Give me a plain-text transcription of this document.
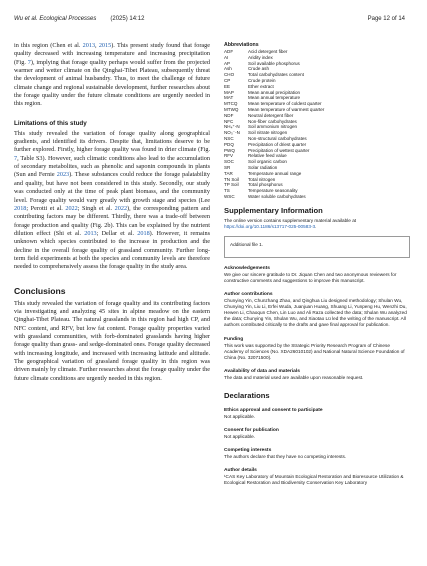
Wu et al. Ecological Processes (2025) 14:12	Page 12 of 14

in this region (Chen et al. 2013, 2015). This present study found that forage quality decreased with increasing temperature and increasing precipitation (Fig. 7), implying that forage quality perhaps would suffer from the projected warmer and wetter climate on the Qinghai-Tibet Plateau, subsequently threat the development of animal husbandry. Thus, to meet the challenge of future climate change and regional sustainable development, further researches about the forage quality under the future climate conditions are urgently needed in this region.

Limitations of this study

This study revealed the variation of forage quality along geographical gradients, and identified its drivers. Despite that, limitations deserve to be further explored. Firstly, higher forage quality was found in drier climate (Fig. 7, Table S3). However, such climatic conditions also lead to the accumulation of secondary metabolites, such as phenolic and saponin compounds in plants (Sun and Fernie 2023). These substances could reduce the forage palatability and quality, but have not been considered in this study. Secondly, our study was conducted only at the time of peak plant biomass, and the community level. Forage quality would vary greatly with growth stage and species (Lee 2018; Perotti et al. 2022; Singh et al. 2022), the corresponding pattern and contributing factors may be different. Thirdly, there was a trade-off between forage production and quality (Fig. 2b). This can be explained by the nutrient dilution effect (Shi et al. 2013; Dellar et al. 2018). However, it remains unknown which species contributed to the increase in production and the decline in the overall forage quality of grassland community. Further long-term field experiments at both the species and community levels are therefore needed to comprehensively assess the forage quality in the study area.

Conclusions

This study revealed the variation of forage quality and its contributing factors via investigating and analyzing 45 sites in alpine meadow on the eastern Qinghai-Tibet Plateau. The natural grasslands in this region had high CP, and NFC content, and RFV, but low fat content. Forage quality properties varied with grassland communities, with forb-dominated grasslands having higher forage quality than grass- and sedge-dominated ones. Forage quality decreased with increasing longitude, and increased with increasing latitude and altitude. The geographical variation of grassland forage quality in this region was driven mainly by climate. Further researches about the forage quality under the future climate conditions are urgently needed in this region.

Abbreviations
ADF	Acid detergent fiber
AI	Aridity index
AP	Soil available phosphorus
Ash	Crude ash
CHO	Total carbohydrates content
CP	Crude protein
EE	Ether extract
MAP	Mean annual precipitation
MAT	Mean annual temperature
MTCQ	Mean temperature of coldest quarter
MTWQ	Mean temperature of warmest quarter
NDF	Neutral detergent fiber
NFC	Non-fiber carbohydrates
NH₄⁺-N	Soil ammonium nitrogen
NO₃⁻-N	Soil nitrate nitrogen
NSC	Non-structural carbohydrates
PDQ	Precipitation of driest quarter
PWQ	Precipitation of wettest quarter
RFV	Relative feed value
SOC	Soil organic carbon
SR	Solar radiation
TAR	Temperature annual range
TN Soil	Total nitrogen
TP Soil	Total phosphorus
TS	Temperature seasonality
WSC	Water soluble carbohydrates
Supplementary Information

The online version contains supplementary material available at https://doi.org/10.1186/s13717-025-00583-3.

Additional file 1.
Acknowledgements

We give our sincere gratitude to Dr. Jiquan Chen and two anonymous reviewers for constructive comments and suggestions to improve this manuscript.

Author contributions

Chunying Yin, Chunzhang Zhao, and Qinghua Liu designed methodology; Shulan Wu, Chunying Yin, Liu Li, Erfei Wuda, Juanjuan Huang, Shuang Li, Yunpeng Hu, Wenzhi Du, Hewen Li, Chaoqun Chen, Lin Luo and Ali Raza collected the data; Shulan Wu analyzed the data; Chunying Yin, Shulan Wu, and Xiaotao Lü led the writing of the manuscript. All authors contributed critically to the drafts and gave final approval for publication.

Funding

This work was supported by the Strategic Priority Research Program of Chinese Academy of Sciences (No. XDA26010102) and National Natural Science Foundation of China (No. 32071500).

Availability of data and materials

The data and material used are available upon reasonable request.

Declarations
Ethics approval and consent to participate

Not applicable.

Consent for publication

Not applicable.

Competing interests

The authors declare that they have no competing interests.

Author details

¹CAS Key Laboratory of Mountain Ecological Restoration and Bioresource Utilization & Ecological Restoration and Biodiversity Conservation Key Laboratory
